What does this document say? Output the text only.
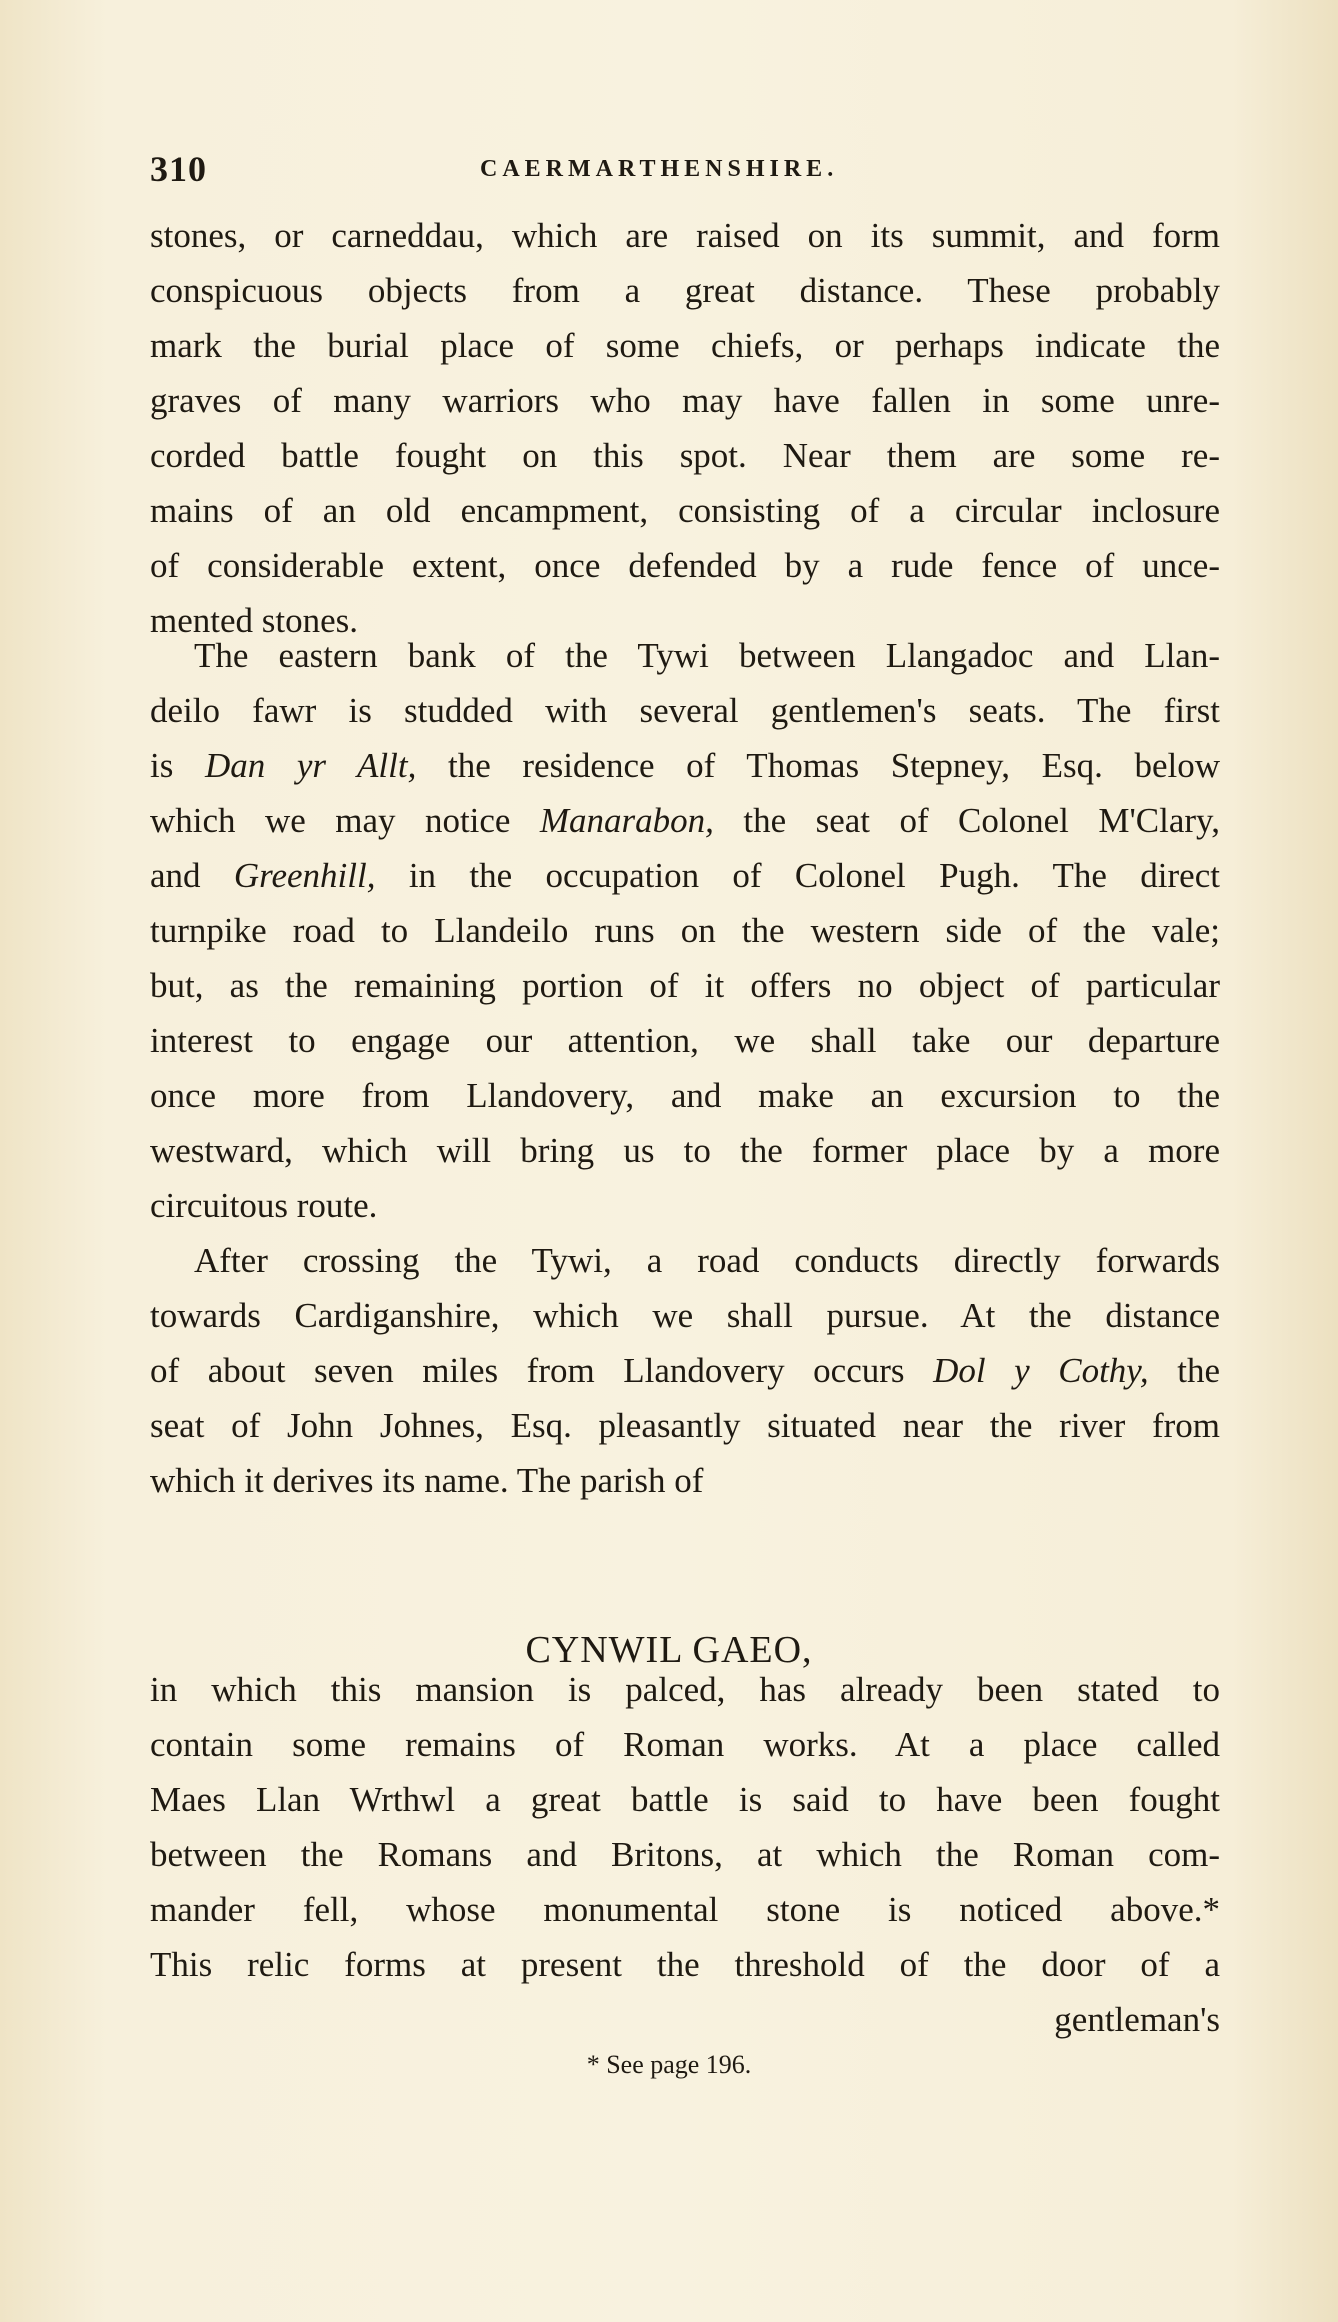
310	CAERMARTHENSHIRE.
stones, or carneddau, which are raised on its summit, and form
conspicuous objects from a great distance. These probably
mark the burial place of some chiefs, or perhaps indicate the
graves of many warriors who may have fallen in some unre-
corded battle fought on this spot. Near them are some re-
mains of an old encampment, consisting of a circular inclosure
of considerable extent, once defended by a rude fence of unce-
mented stones.
The eastern bank of the Tywi between Llangadoc and Llan-
deilo fawr is studded with several gentlemen's seats. The first
is Dan yr Allt, the residence of Thomas Stepney, Esq. below
which we may notice Manarabon, the seat of Colonel M'Clary,
and Greenhill, in the occupation of Colonel Pugh. The direct
turnpike road to Llandeilo runs on the western side of the vale;
but, as the remaining portion of it offers no object of particular
interest to engage our attention, we shall take our departure
once more from Llandovery, and make an excursion to the
westward, which will bring us to the former place by a more
circuitous route.
After crossing the Tywi, a road conducts directly forwards
towards Cardiganshire, which we shall pursue. At the distance
of about seven miles from Llandovery occurs Dol y Cothy, the
seat of John Johnes, Esq. pleasantly situated near the river from
which it derives its name. The parish of
CYNWIL GAEO,
in which this mansion is palced, has already been stated to
contain some remains of Roman works. At a place called
Maes Llan Wrthwl a great battle is said to have been fought
between the Romans and Britons, at which the Roman com-
mander fell, whose monumental stone is noticed above.*
This relic forms at present the threshold of the door of a
gentleman's
* See page 196.
